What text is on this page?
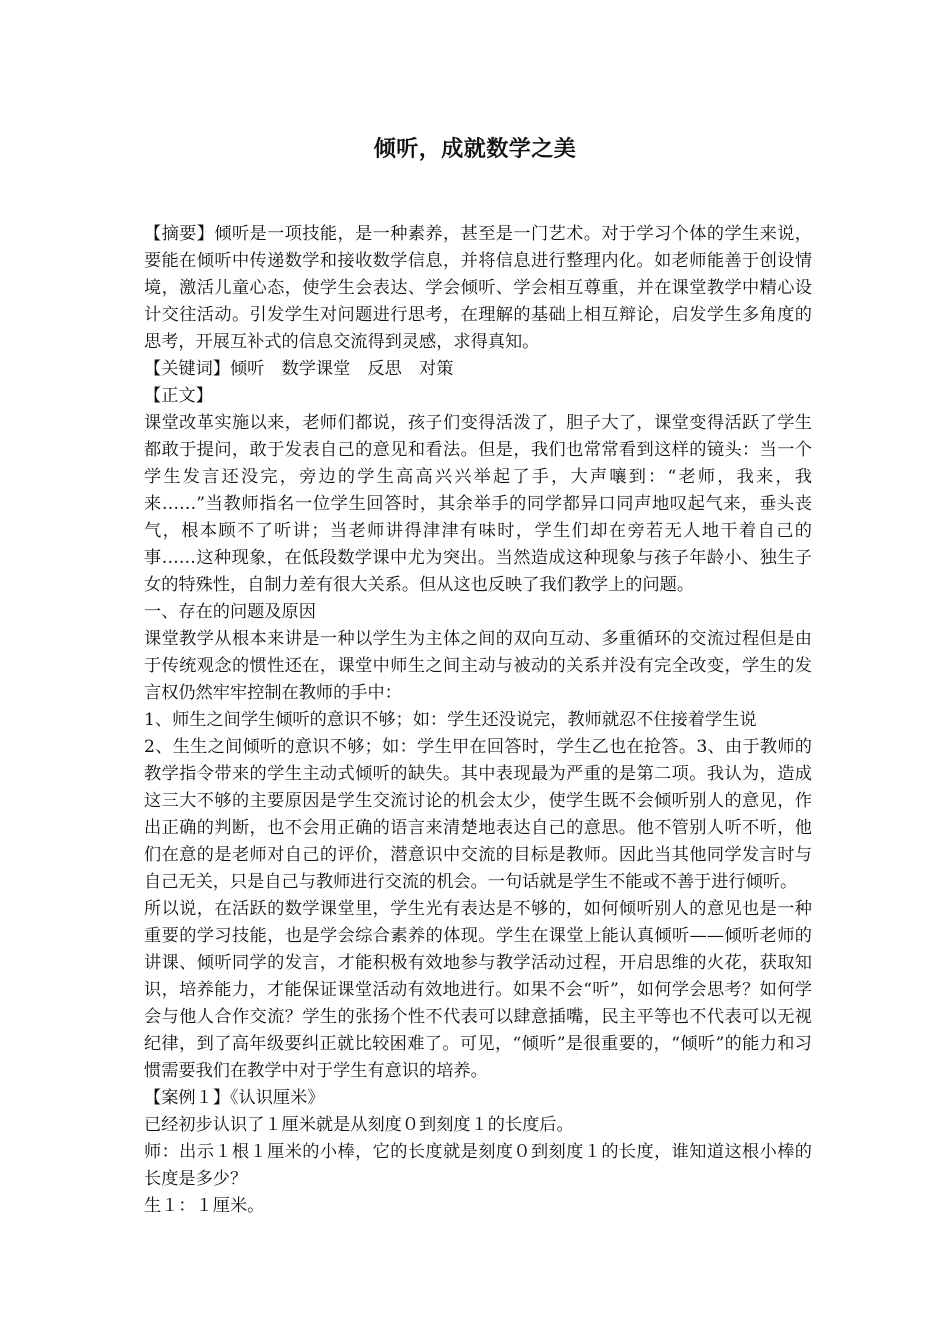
倾听，成就数学之美

【摘要】倾听是一项技能，是一种素养，甚至是一门艺术。对于学习个体的学生来说，要能在倾听中传递数学和接收数学信息，并将信息进行整理内化。如老师能善于创设情境，激活儿童心态，使学生会表达、学会倾听、学会相互尊重，并在课堂教学中精心设计交往活动。引发学生对问题进行思考，在理解的基础上相互辩论，启发学生多角度的思考，开展互补式的信息交流得到灵感，求得真知。

【关键词】倾听　数学课堂　反思　对策

【正文】

课堂改革实施以来，老师们都说，孩子们变得活泼了，胆子大了，课堂变得活跃了学生都敢于提问，敢于发表自己的意见和看法。但是，我们也常常看到这样的镜头：当一个学生发言还没完，旁边的学生高高兴兴举起了手，大声嚷到：“老师，我来，我来……”当教师指名一位学生回答时，其余举手的同学都异口同声地叹起气来，垂头丧气，根本顾不了听讲；当老师讲得津津有味时，学生们却在旁若无人地干着自己的事……这种现象，在低段数学课中尤为突出。当然造成这种现象与孩子年龄小、独生子女的特殊性，自制力差有很大关系。但从这也反映了我们教学上的问题。

一、存在的问题及原因

课堂教学从根本来讲是一种以学生为主体之间的双向互动、多重循环的交流过程但是由于传统观念的惯性还在，课堂中师生之间主动与被动的关系并没有完全改变，学生的发言权仍然牢牢控制在教师的手中：

1、师生之间学生倾听的意识不够；如：学生还没说完，教师就忍不住接着学生说

2、生生之间倾听的意识不够；如：学生甲在回答时，学生乙也在抢答。3、由于教师的教学指令带来的学生主动式倾听的缺失。其中表现最为严重的是第二项。我认为，造成这三大不够的主要原因是学生交流讨论的机会太少，使学生既不会倾听别人的意见，作出正确的判断，也不会用正确的语言来清楚地表达自己的意思。他不管别人听不听，他们在意的是老师对自己的评价，潜意识中交流的目标是教师。因此当其他同学发言时与自己无关，只是自己与教师进行交流的机会。一句话就是学生不能或不善于进行倾听。

所以说，在活跃的数学课堂里，学生光有表达是不够的，如何倾听别人的意见也是一种重要的学习技能，也是学会综合素养的体现。学生在课堂上能认真倾听——倾听老师的讲课、倾听同学的发言，才能积极有效地参与教学活动过程，开启思维的火花，获取知识，培养能力，才能保证课堂活动有效地进行。如果不会“听”，如何学会思考？如何学会与他人合作交流？学生的张扬个性不代表可以肆意插嘴，民主平等也不代表可以无视纪律，到了高年级要纠正就比较困难了。可见，“倾听”是很重要的，“倾听”的能力和习惯需要我们在教学中对于学生有意识的培养。

【案例１】《认识厘米》

已经初步认识了１厘米就是从刻度０到刻度１的长度后。

师：出示１根１厘米的小棒，它的长度就是刻度０到刻度１的长度，谁知道这根小棒的长度是多少？

生１：１厘米。
